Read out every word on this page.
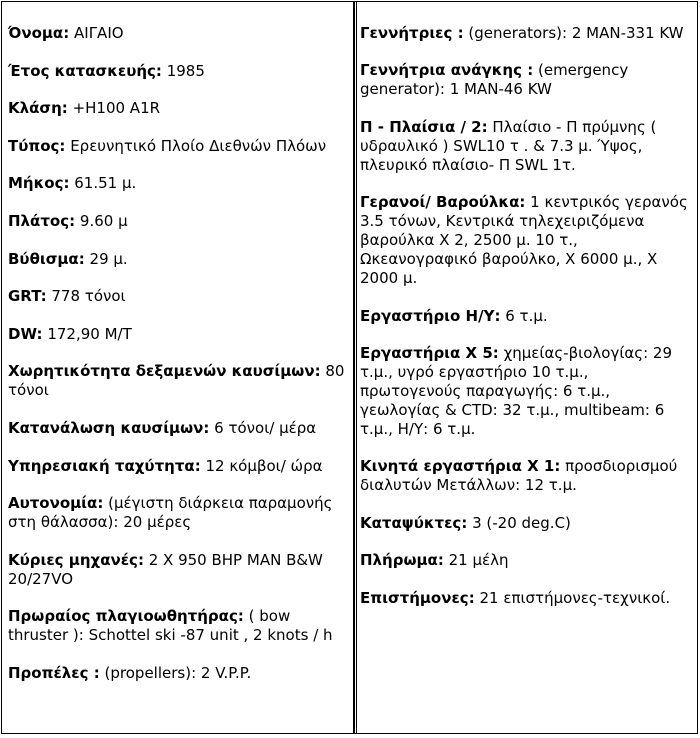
Όνομα: ΑΙΓΑΙΟ
Έτος κατασκευής: 1985
Κλάση: +Η100 Α1R
Τύπος: Ερευνητικό Πλοίο Διεθνών Πλόων
Μήκος: 61.51 μ.
Πλάτος: 9.60 μ
Βύθισμα: 29 μ.
GRT: 778 τόνοι
DW: 172,90 M/T
Χωρητικότητα δεξαμενών καυσίμων: 80 τόνοι
Κατανάλωση καυσίμων: 6 τόνοι/ μέρα
Υπηρεσιακή ταχύτητα: 12 κόμβοι/ ώρα
Αυτονομία: (μέγιστη διάρκεια παραμονής στη θάλασσα): 20 μέρες
Κύριες μηχανές: 2 Χ 950 BHP MAN B&W 20/27VO
Πρωραίος πλαγιοωθητήρας: ( bow thruster ): Schottel ski -87 unit , 2 knots / h
Προπέλες : (propellers): 2 V.P.P.
Γεννήτριες : (generators): 2 MAN-331 KW
Γεννήτρια ανάγκης : (emergency generator): 1 MAN-46 KW
Π - Πλαίσια / 2: Πλαίσιο - Π πρύμνης ( υδραυλικό ) SWL10 τ . & 7.3 μ. Ύψος, πλευρικό πλαίσιο- Π SWL 1τ.
Γερανοί/ Βαρούλκα: 1 κεντρικός γερανός 3.5 τόνων, Κεντρικά τηλεχειριζόμενα βαρούλκα Χ 2, 2500 μ. 10 τ., Ωκεανογραφικό βαρούλκο, Χ 6000 μ., Χ 2000 μ.
Εργαστήριο Η/Υ: 6 τ.μ.
Εργαστήρια Χ 5: χημείας-βιολογίας: 29 τ.μ., υγρό εργαστήριο 10 τ.μ., πρωτογενούς παραγωγής: 6 τ.μ., γεωλογίας & CTD: 32 τ.μ., multibeam: 6 τ.μ., Η/Υ: 6 τ.μ.
Κινητά εργαστήρια Χ 1: προσδιορισμού διαλυτών Μετάλλων: 12 τ.μ.
Καταψύκτες: 3 (-20 deg.C)
Πλήρωμα: 21 μέλη
Επιστήμονες: 21 επιστήμονες-τεχνικοί.
